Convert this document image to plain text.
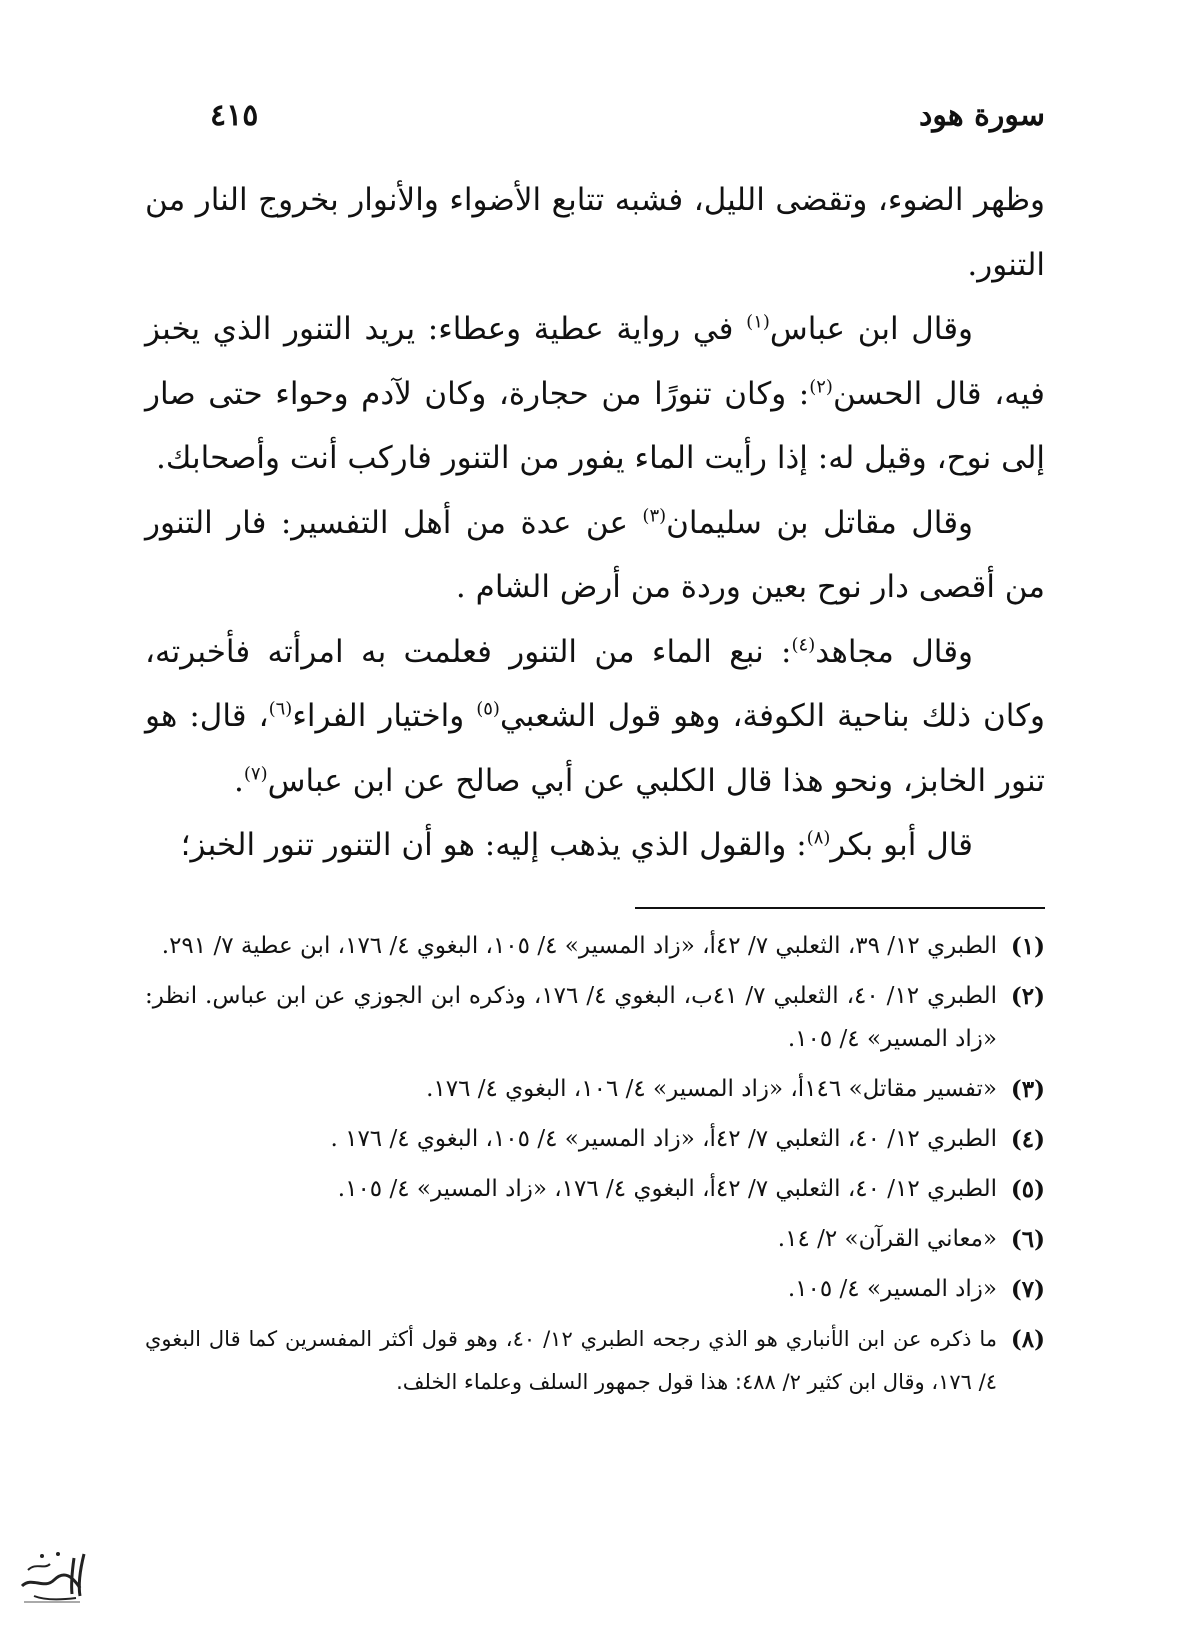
سورة هود
٤١٥

وظهر الضوء، وتقضى الليل، فشبه تتابع الأضواء والأنوار بخروج النار من التنور.

وقال ابن عباس$^{(١)}$ في رواية عطية وعطاء: يريد التنور الذي يخبز فيه، قال الحسن$^{(٢)}$: وكان تنورًا من حجارة، وكان لآدم وحواء حتى صار إلى نوح، وقيل له: إذا رأيت الماء يفور من التنور فاركب أنت وأصحابك.

وقال مقاتل بن سليمان$^{(٣)}$ عن عدة من أهل التفسير: فار التنور من أقصى دار نوح بعين وردة من أرض الشام .

وقال مجاهد$^{(٤)}$: نبع الماء من التنور فعلمت به امرأته فأخبرته، وكان ذلك بناحية الكوفة، وهو قول الشعبي$^{(٥)}$ واختيار الفراء$^{(٦)}$، قال: هو تنور الخابز، ونحو هذا قال الكلبي عن أبي صالح عن ابن عباس$^{(٧)}$.

قال أبو بكر$^{(٨)}$: والقول الذي يذهب إليه: هو أن التنور تنور الخبز؛

(١)
الطبري ١٢/ ٣٩، الثعلبي ٧/ ٤٢أ، «زاد المسير» ٤/ ١٠٥، البغوي ٤/ ١٧٦، ابن عطية ٧/ ٢٩١.
(٢)
الطبري ١٢/ ٤٠، الثعلبي ٧/ ٤١ب، البغوي ٤/ ١٧٦، وذكره ابن الجوزي عن ابن عباس. انظر: «زاد المسير» ٤/ ١٠٥.
(٣)
«تفسير مقاتل» ١٤٦أ، «زاد المسير» ٤/ ١٠٦، البغوي ٤/ ١٧٦.
(٤)
الطبري ١٢/ ٤٠، الثعلبي ٧/ ٤٢أ، «زاد المسير» ٤/ ١٠٥، البغوي ٤/ ١٧٦ .
(٥)
الطبري ١٢/ ٤٠، الثعلبي ٧/ ٤٢أ، البغوي ٤/ ١٧٦، «زاد المسير» ٤/ ١٠٥.
(٦)
«معاني القرآن» ٢/ ١٤.
(٧)
«زاد المسير» ٤/ ١٠٥.
(٨)
ما ذكره عن ابن الأنباري هو الذي رجحه الطبري ١٢/ ٤٠، وهو قول أكثر المفسرين كما قال البغوي ٤/ ١٧٦، وقال ابن كثير ٢/ ٤٨٨: هذا قول جمهور السلف وعلماء الخلف.
